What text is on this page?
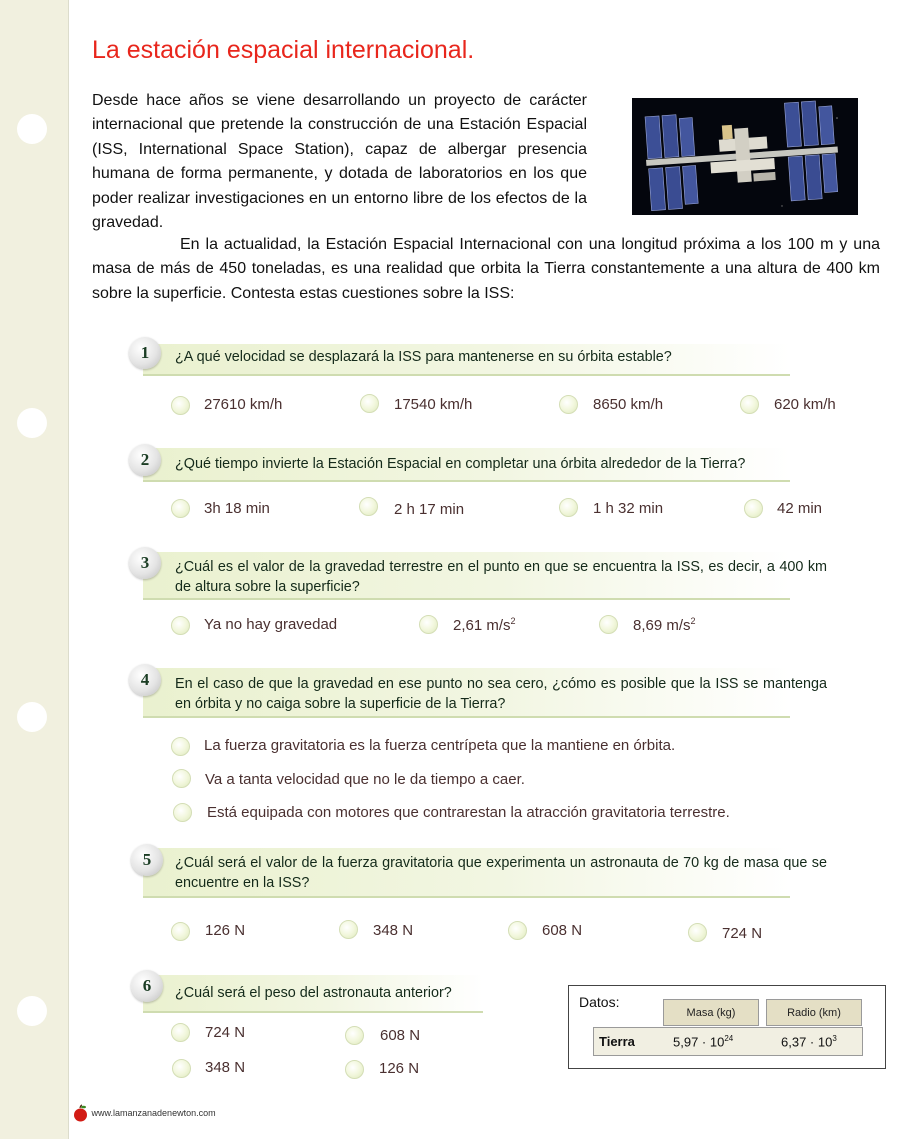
La estación espacial internacional.

Desde hace años se viene desarrollando un proyecto de carácter internacional que pretende la construcción de una Estación Espacial (ISS, International Space Station), capaz de albergar presencia humana de forma permanente, y dotada de laboratorios en los que poder realizar investigaciones en un entorno libre de los efectos de la gravedad.

En la actualidad, la Estación Espacial Internacional con una longitud próxima a los 100 m y una masa de más de 450 toneladas, es una realidad que orbita la Tierra constantemente a una altura de 400 km sobre la superficie. Contesta estas cuestiones sobre la ISS:

1	¿A qué velocidad se desplazará la ISS para mantenerse en su órbita estable?
27610 km/h	17540 km/h	8650 km/h	620 km/h
2	¿Qué tiempo invierte la Estación Espacial en completar una órbita alrededor de la Tierra?
3h 18 min	2 h 17 min	1 h 32 min	42 min
3	¿Cuál es el valor de la gravedad terrestre en el punto en que se encuentra la ISS, es decir, a 400 km de altura sobre la superficie?
Ya no hay gravedad	2,61 $m/s^2$	8,69 $m/s^2$
4	En el caso de que la gravedad en ese punto no sea cero, ¿cómo es posible que la ISS se mantenga en órbita y no caiga sobre la superficie de la Tierra?
La fuerza gravitatoria es la fuerza centrípeta que la mantiene en órbita.
Va a tanta velocidad que no le da tiempo a caer.
Está equipada con motores que contrarestan la atracción gravitatoria terrestre.
5	¿Cuál será el valor de la fuerza gravitatoria que experimenta un astronauta de 70 kg de masa que se encuentre en la ISS?
126 N	348 N	608 N	724 N
6	¿Cuál será el peso del astronauta anterior?
724 N	608 N
348 N	126 N
Datos:
Masa (kg)	Radio (km)
Tierra	$5,97 \cdot 10^{24}$	$6,37 \cdot 10^3$
www.lamanzanadenewton.com
